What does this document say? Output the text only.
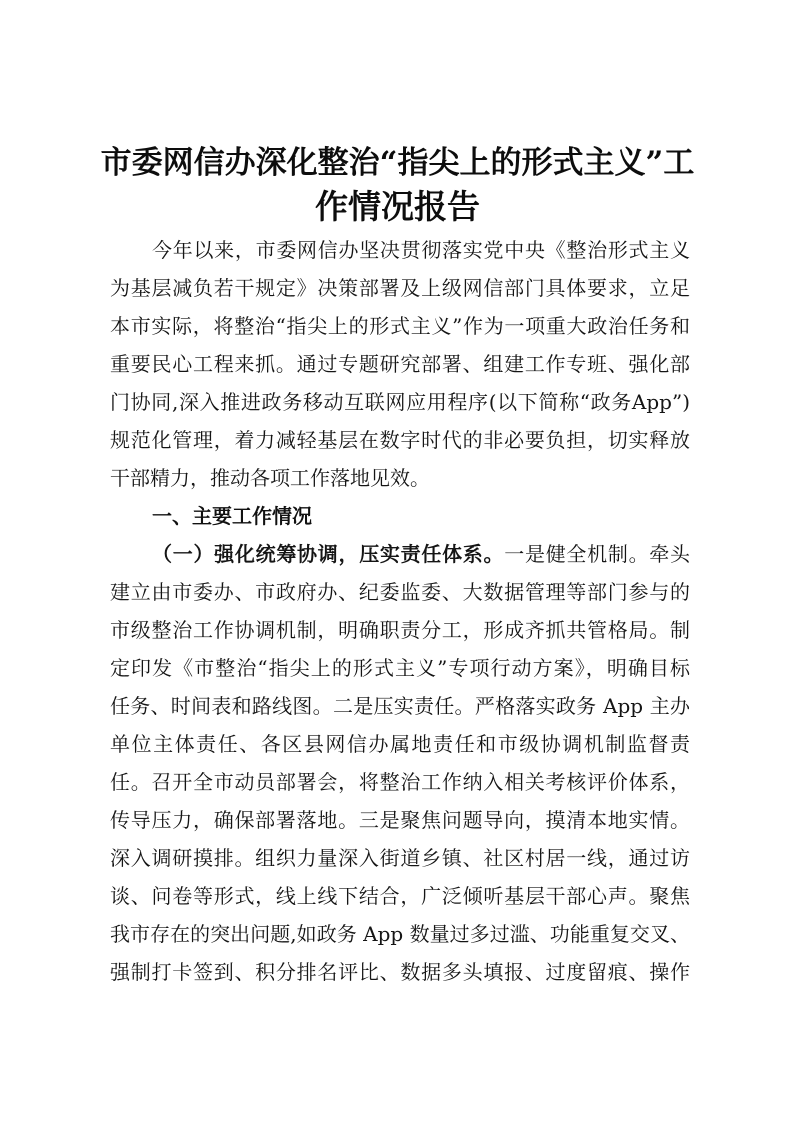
市委网信办深化整治“指尖上的形式主义”工
作情况报告
今年以来，市委网信办坚决贯彻落实党中央《整治形式主义
为基层减负若干规定》决策部署及上级网信部门具体要求，立足
本市实际，将整治“指尖上的形式主义”作为一项重大政治任务和
重要民心工程来抓。通过专题研究部署、组建工作专班、强化部
门协同,深入推进政务移动互联网应用程序(以下简称“政务App”)
规范化管理，着力减轻基层在数字时代的非必要负担，切实释放
干部精力，推动各项工作落地见效。
一、主要工作情况
（一）强化统筹协调，压实责任体系。一是健全机制。牵头
建立由市委办、市政府办、纪委监委、大数据管理等部门参与的
市级整治工作协调机制，明确职责分工，形成齐抓共管格局。制
定印发《市整治“指尖上的形式主义”专项行动方案》，明确目标
任务、时间表和路线图。二是压实责任。严格落实政务 App 主办
单位主体责任、各区县网信办属地责任和市级协调机制监督责
任。召开全市动员部署会，将整治工作纳入相关考核评价体系，
传导压力，确保部署落地。三是聚焦问题导向，摸清本地实情。
深入调研摸排。组织力量深入街道乡镇、社区村居一线，通过访
谈、问卷等形式，线上线下结合，广泛倾听基层干部心声。聚焦
我市存在的突出问题,如政务 App 数量过多过滥、功能重复交叉、
强制打卡签到、积分排名评比、数据多头填报、过度留痕、操作
